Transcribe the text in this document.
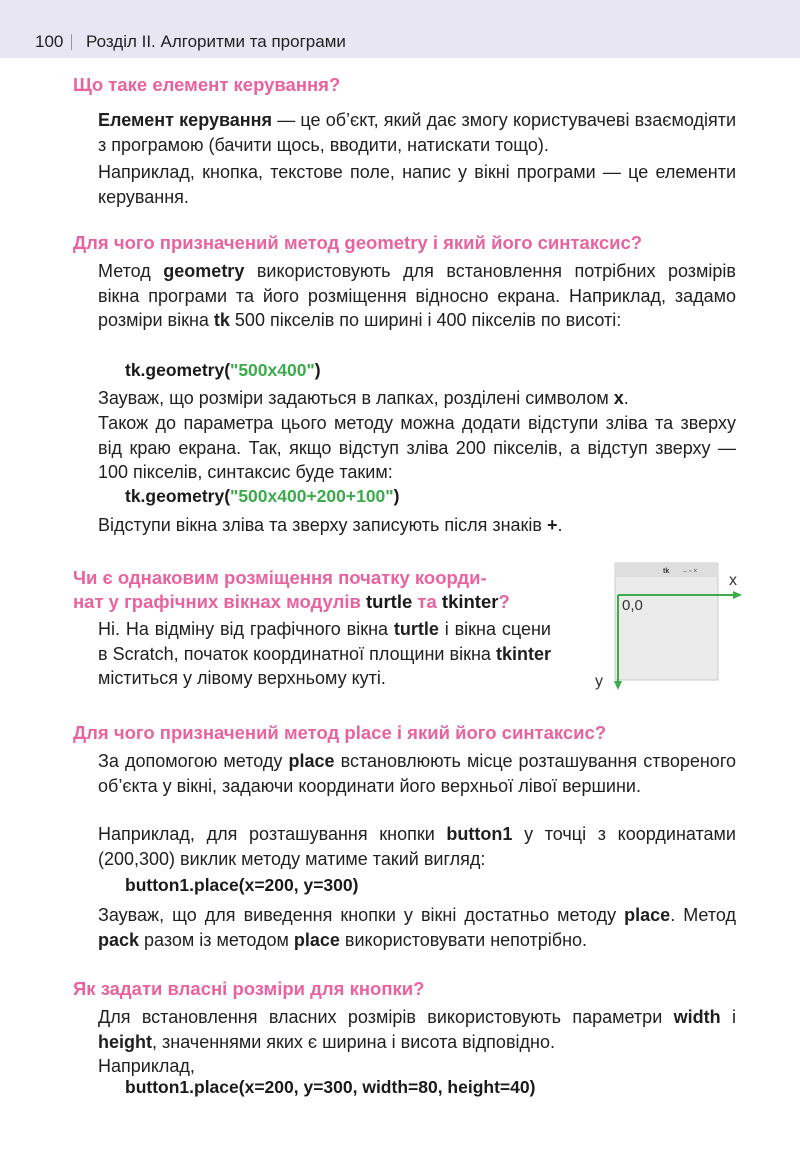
100 Розділ ІІ. Алгоритми та програми
Що таке елемент керування?

Елемент керування — це об’єкт, який дає змогу користувачеві взаємодіяти з програмою (бачити щось, вводити, натискати тощо).

Наприклад, кнопка, текстове поле, напис у вікні програми — це елементи керування.

Для чого призначений метод geometry і який його синтаксис?

Метод geometry використовують для встановлення потрібних розмірів вікна програми та його розміщення відносно екрана. Наприклад, задамо розміри вікна tk 500 пікселів по ширині і 400 пікселів по висоті:

tk.geometry("500x400")

Зауваж, що розміри задаються в лапках, розділені символом x.

Також до параметра цього методу можна додати відступи зліва та зверху від краю екрана. Так, якщо відступ зліва 200 пікселів, а відступ зверху — 100 пікселів, синтаксис буде таким:

tk.geometry("500x400+200+100")

Відступи вікна зліва та зверху записують після знаків +.

Чи є однаковим розміщення початку коорди-
нат у графічних вікнах модулів turtle та tkinter?

Ні. На відміну від графічного вікна turtle і вікна сцени в Scratch, початок координатної площини вікна tkinter міститься у лівому верхньому куті.

tk – ▫ ×
0,0
x
y
Для чого призначений метод place і який його синтаксис?

За допомогою методу place встановлюють місце розташування створеного об’єкта у вікні, задаючи координати його верхньої лівої вершини.

Наприклад, для розташування кнопки button1 у точці з координатами (200,300) виклик методу матиме такий вигляд:

button1.place(x=200, y=300)

Зауваж, що для виведення кнопки у вікні достатньо методу place. Метод pack разом із методом place використовувати непотрібно.

Як задати власні розміри для кнопки?

Для встановлення власних розмірів використовують параметри width і height, значеннями яких є ширина і висота відповідно.

Наприклад,

button1.place(x=200, y=300, width=80, height=40)
